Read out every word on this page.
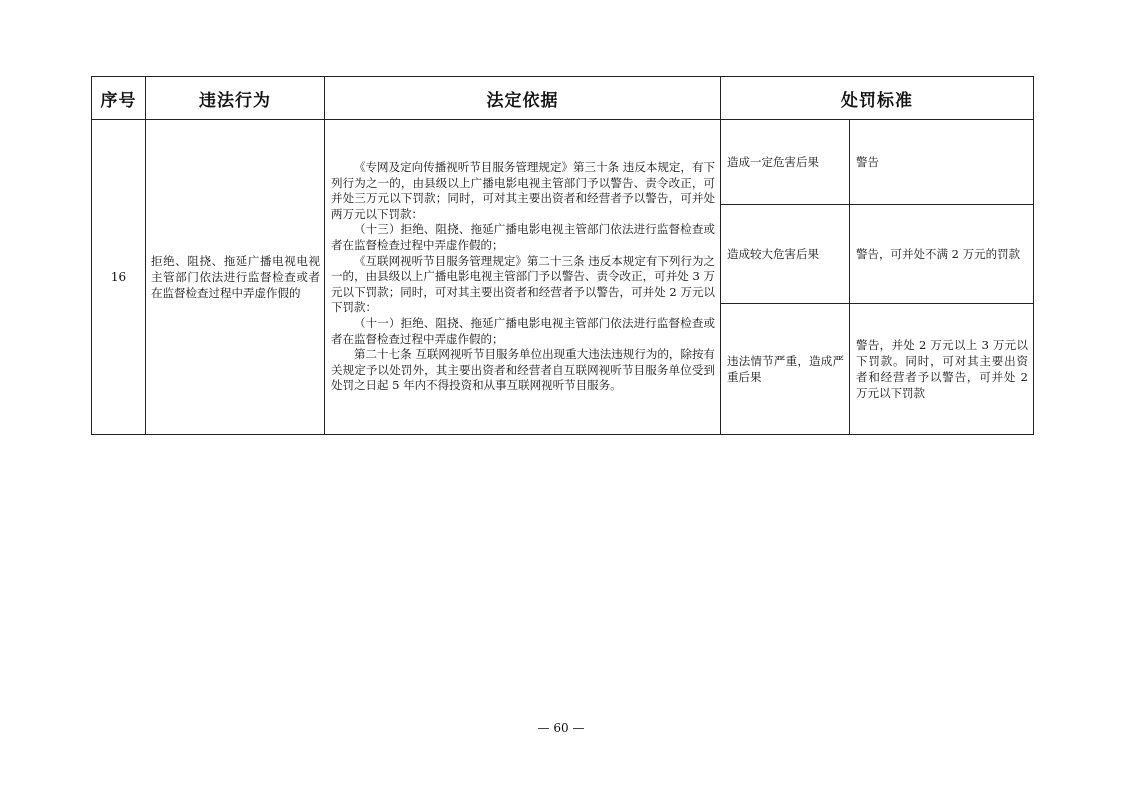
序号	违法行为	法定依据	处罚标准	
16	拒绝、阻挠、拖延广播电视电视主管部门依法进行监督检查或者在监督检查过程中弄虚作假的	《专网及定向传播视听节目服务管理规定》第三十条 违反本规定，有下列行为之一的，由县级以上广播电影电视主管部门予以警告、责令改正，可并处三万元以下罚款；同时，可对其主要出资者和经营者予以警告，可并处两万元以下罚款：

（十三）拒绝、阻挠、拖延广播电影电视主管部门依法进行监督检查或者在监督检查过程中弄虚作假的；

《互联网视听节目服务管理规定》第二十三条 违反本规定有下列行为之一的，由县级以上广播电影电视主管部门予以警告、责令改正，可并处 3 万元以下罚款；同时，可对其主要出资者和经营者予以警告，可并处 2 万元以下罚款：

（十一）拒绝、阻挠、拖延广播电影电视主管部门依法进行监督检查或者在监督检查过程中弄虚作假的；

第二十七条 互联网视听节目服务单位出现重大违法违规行为的，除按有关规定予以处罚外，其主要出资者和经营者自互联网视听节目服务单位受到处罚之日起 5 年内不得投资和从事互联网视听节目服务。	造成一定危害后果	警告
			造成较大危害后果	警告，可并处不满 2 万元的罚款
			违法情节严重，造成严重后果	警告，并处 2 万元以上 3 万元以下罚款。同时，可对其主要出资者和经营者予以警告，可并处 2 万元以下罚款
— 60 —
